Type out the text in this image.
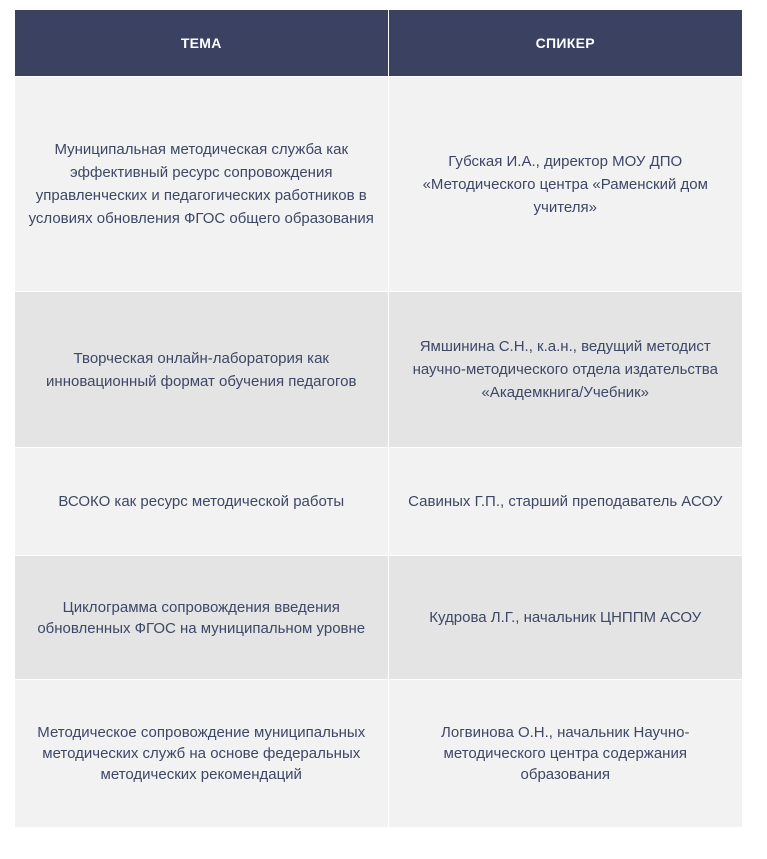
ТЕМА	СПИКЕР

Муниципальная методическая служба как эффективный ресурс сопровождения управленческих и педагогических работников в условиях обновления ФГОС общего образования	Губская И.А., директор МОУ ДПО «Методического центра «Раменский дом учителя»

Творческая онлайн-лаборатория как инновационный формат обучения педагогов	Ямшинина С.Н., к.а.н., ведущий методист научно-методического отдела издательства «Академкнига/Учебник»

ВСОКО как ресурс методической работы	Савиных Г.П., старший преподаватель АСОУ

Циклограмма сопровождения введения обновленных ФГОС на муниципальном уровне	Кудрова Л.Г., начальник ЦНППМ АСОУ

Методическое сопровождение муниципальных методических служб на основе федеральных методических рекомендаций	Логвинова О.Н., начальник Научно-методического центра содержания образования
